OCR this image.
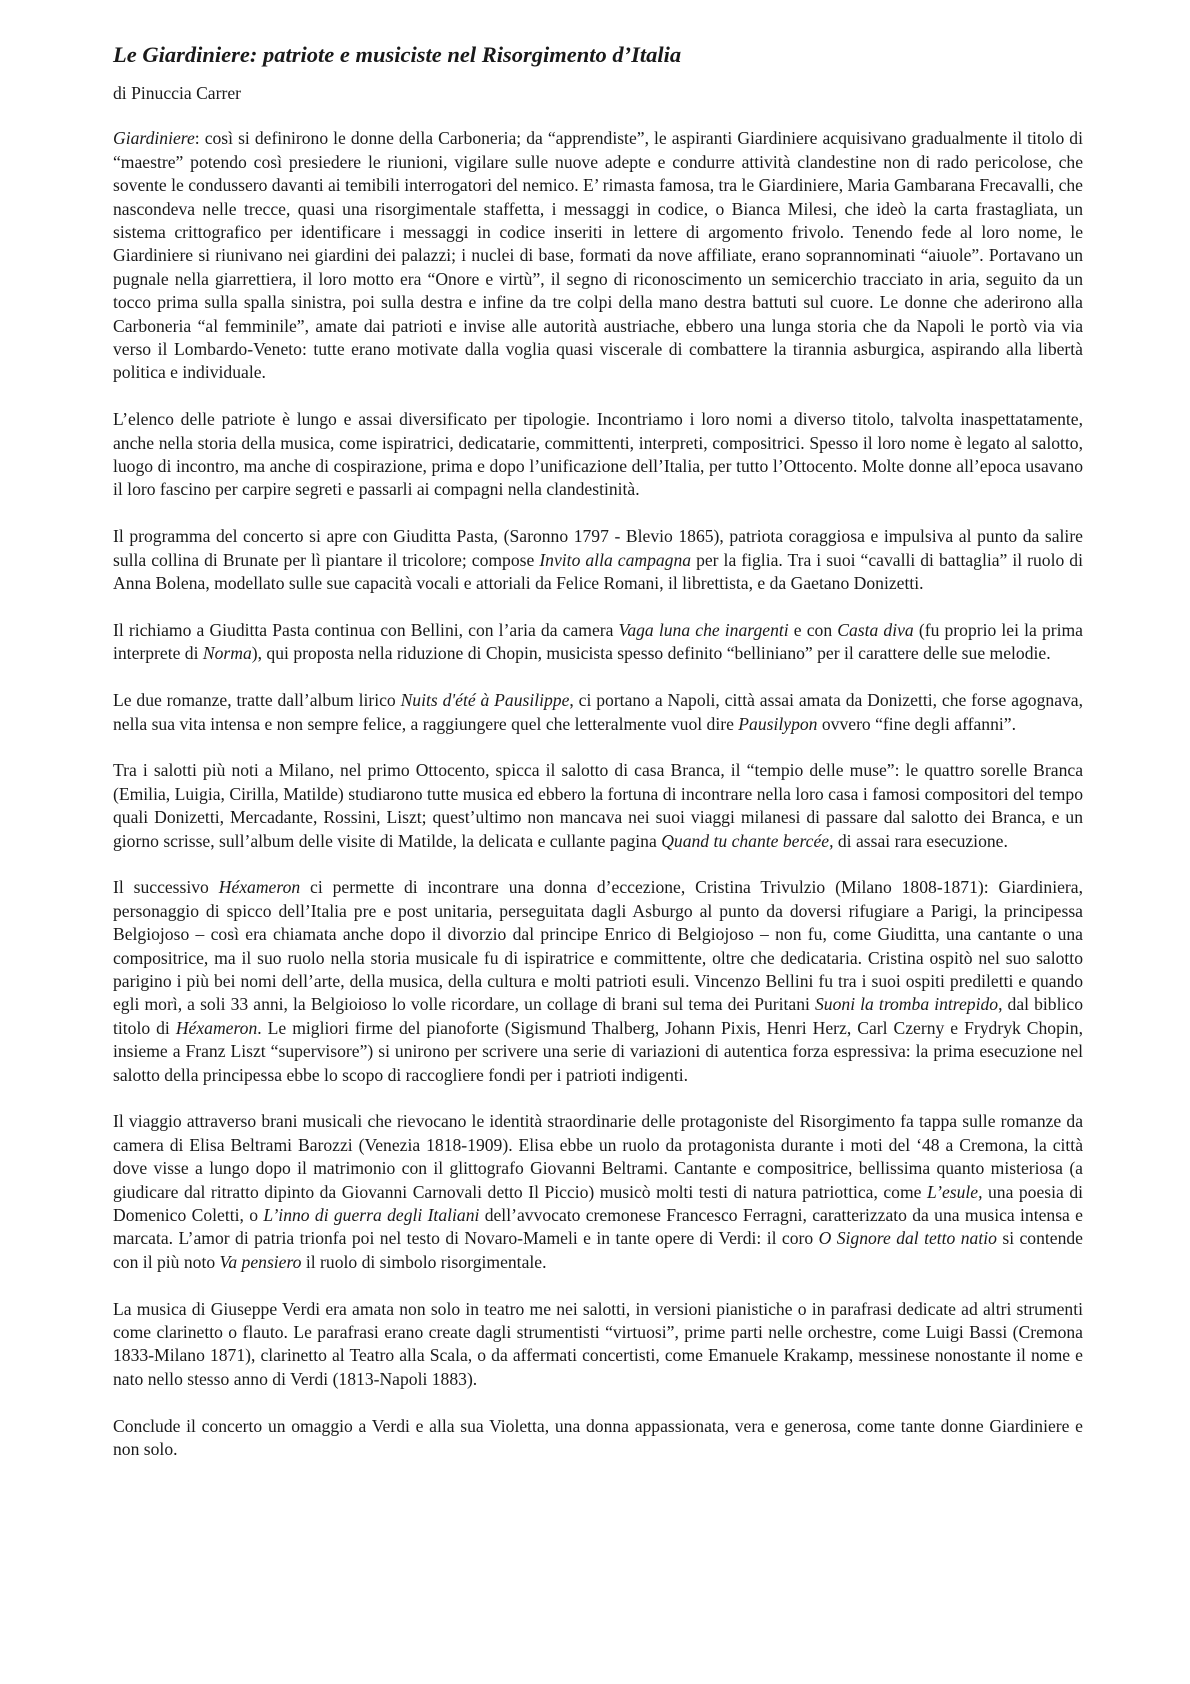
Le Giardiniere: patriote e musiciste nel Risorgimento d’Italia
di Pinuccia Carrer

Giardiniere: così si definirono le donne della Carboneria; da “apprendiste”, le aspiranti Giardiniere acquisivano gradualmente il titolo di “maestre” potendo così presiedere le riunioni, vigilare sulle nuove adepte e condurre attività clandestine non di rado pericolose, che sovente le condussero davanti ai temibili interrogatori del nemico. E’ rimasta famosa, tra le Giardiniere, Maria Gambarana Frecavalli, che nascondeva nelle trecce, quasi una risorgimentale staffetta, i messaggi in codice, o Bianca Milesi, che ideò la carta frastagliata, un sistema crittografico per identificare i messaggi in codice inseriti in lettere di argomento frivolo. Tenendo fede al loro nome, le Giardiniere si riunivano nei giardini dei palazzi; i nuclei di base, formati da nove affiliate, erano soprannominati “aiuole”. Portavano un pugnale nella giarrettiera, il loro motto era “Onore e virtù”, il segno di riconoscimento un semicerchio tracciato in aria, seguito da un tocco prima sulla spalla sinistra, poi sulla destra e infine da tre colpi della mano destra battuti sul cuore. Le donne che aderirono alla Carboneria “al femminile”, amate dai patrioti e invise alle autorità austriache, ebbero una lunga storia che da Napoli le portò via via verso il Lombardo-Veneto: tutte erano motivate dalla voglia quasi viscerale di combattere la tirannia asburgica, aspirando alla libertà politica e individuale.

L’elenco delle patriote è lungo e assai diversificato per tipologie. Incontriamo i loro nomi a diverso titolo, talvolta inaspettatamente, anche nella storia della musica, come ispiratrici, dedicatarie, committenti, interpreti, compositrici. Spesso il loro nome è legato al salotto, luogo di incontro, ma anche di cospirazione, prima e dopo l’unificazione dell’Italia, per tutto l’Ottocento. Molte donne all’epoca usavano il loro fascino per carpire segreti e passarli ai compagni nella clandestinità.

Il programma del concerto si apre con Giuditta Pasta, (Saronno 1797 - Blevio 1865), patriota coraggiosa e impulsiva al punto da salire sulla collina di Brunate per lì piantare il tricolore; compose Invito alla campagna per la figlia. Tra i suoi “cavalli di battaglia” il ruolo di Anna Bolena, modellato sulle sue capacità vocali e attoriali da Felice Romani, il librettista, e da Gaetano Donizetti.

Il richiamo a Giuditta Pasta continua con Bellini, con l’aria da camera Vaga luna che inargenti e con Casta diva (fu proprio lei la prima interprete di Norma), qui proposta nella riduzione di Chopin, musicista spesso definito “belliniano” per il carattere delle sue melodie.

Le due romanze, tratte dall’album lirico Nuits d'été à Pausilippe, ci portano a Napoli, città assai amata da Donizetti, che forse agognava, nella sua vita intensa e non sempre felice, a raggiungere quel che letteralmente vuol dire Pausilypon ovvero “fine degli affanni”.

Tra i salotti più noti a Milano, nel primo Ottocento, spicca il salotto di casa Branca, il “tempio delle muse”: le quattro sorelle Branca (Emilia, Luigia, Cirilla, Matilde) studiarono tutte musica ed ebbero la fortuna di incontrare nella loro casa i famosi compositori del tempo quali Donizetti, Mercadante, Rossini, Liszt; quest’ultimo non mancava nei suoi viaggi milanesi di passare dal salotto dei Branca, e un giorno scrisse, sull’album delle visite di Matilde, la delicata e cullante pagina Quand tu chante bercée, di assai rara esecuzione.

Il successivo Héxameron ci permette di incontrare una donna d’eccezione, Cristina Trivulzio (Milano 1808-1871): Giardiniera, personaggio di spicco dell’Italia pre e post unitaria, perseguitata dagli Asburgo al punto da doversi rifugiare a Parigi, la principessa Belgiojoso – così era chiamata anche dopo il divorzio dal principe Enrico di Belgiojoso – non fu, come Giuditta, una cantante o una compositrice, ma il suo ruolo nella storia musicale fu di ispiratrice e committente, oltre che dedicataria. Cristina ospitò nel suo salotto parigino i più bei nomi dell’arte, della musica, della cultura e molti patrioti esuli. Vincenzo Bellini fu tra i suoi ospiti prediletti e quando egli morì, a soli 33 anni, la Belgioioso lo volle ricordare, un collage di brani sul tema dei Puritani Suoni la tromba intrepido, dal biblico titolo di Héxameron. Le migliori firme del pianoforte (Sigismund Thalberg, Johann Pixis, Henri Herz, Carl Czerny e Frydryk Chopin, insieme a Franz Liszt “supervisore”) si unirono per scrivere una serie di variazioni di autentica forza espressiva: la prima esecuzione nel salotto della principessa ebbe lo scopo di raccogliere fondi per i patrioti indigenti.

Il viaggio attraverso brani musicali che rievocano le identità straordinarie delle protagoniste del Risorgimento fa tappa sulle romanze da camera di Elisa Beltrami Barozzi (Venezia 1818-1909). Elisa ebbe un ruolo da protagonista durante i moti del ‘48 a Cremona, la città dove visse a lungo dopo il matrimonio con il glittografo Giovanni Beltrami. Cantante e compositrice, bellissima quanto misteriosa (a giudicare dal ritratto dipinto da Giovanni Carnovali detto Il Piccio) musicò molti testi di natura patriottica, come L’esule, una poesia di Domenico Coletti, o L’inno di guerra degli Italiani dell’avvocato cremonese Francesco Ferragni, caratterizzato da una musica intensa e marcata. L’amor di patria trionfa poi nel testo di Novaro-Mameli e in tante opere di Verdi: il coro O Signore dal tetto natio si contende con il più noto Va pensiero il ruolo di simbolo risorgimentale.

La musica di Giuseppe Verdi era amata non solo in teatro me nei salotti, in versioni pianistiche o in parafrasi dedicate ad altri strumenti come clarinetto o flauto. Le parafrasi erano create dagli strumentisti “virtuosi”, prime parti nelle orchestre, come Luigi Bassi (Cremona 1833-Milano 1871), clarinetto al Teatro alla Scala, o da affermati concertisti, come Emanuele Krakamp, messinese nonostante il nome e nato nello stesso anno di Verdi (1813-Napoli 1883).

Conclude il concerto un omaggio a Verdi e alla sua Violetta, una donna appassionata, vera e generosa, come tante donne Giardiniere e non solo.
